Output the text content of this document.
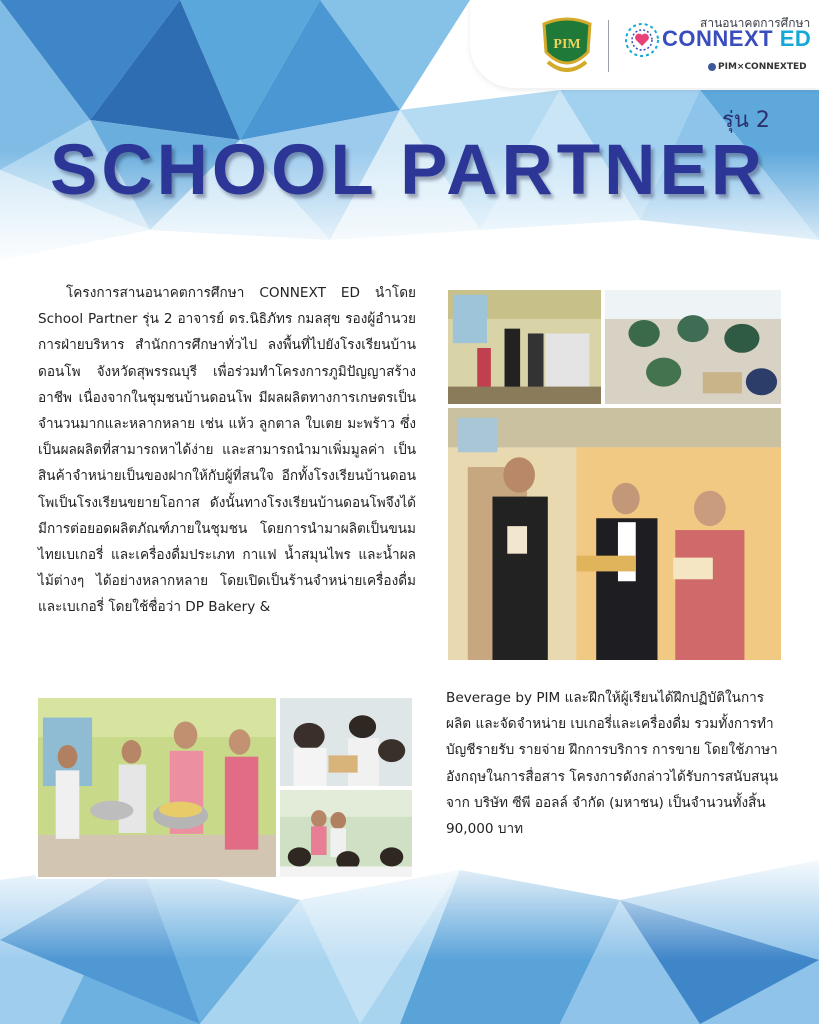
PIM
สานอนาคตการศึกษา
CONNEXT ED
PIM×CONNEXTED
รุ่น 2
SCHOOL PARTNER
โครงการสานอนาคตการศึกษา CONNEXT ED นำโดย School Partner รุ่น 2 อาจารย์ ดร.นิธิภัทร กมลสุข รองผู้อำนวยการฝ่ายบริหาร สำนักการศึกษาทั่วไป ลงพื้นที่ไปยังโรงเรียนบ้านดอนโพ จังหวัดสุพรรณบุรี เพื่อร่วมทำโครงการภูมิปัญญาสร้างอาชีพ เนื่องจากในชุมชนบ้านดอนโพ มีผลผลิตทางการเกษตรเป็นจำนวนมากและหลากหลาย เช่น แห้ว ลูกตาล ใบเตย มะพร้าว ซึ่งเป็นผลผลิตที่สามารถหาได้ง่าย และสามารถนำมาเพิ่มมูลค่า เป็นสินค้าจำหน่ายเป็นของฝากให้กับผู้ที่สนใจ อีกทั้งโรงเรียนบ้านดอนโพเป็นโรงเรียนขยายโอกาส ดังนั้นทางโรงเรียนบ้านดอนโพจึงได้มีการต่อยอดผลิตภัณฑ์ภายในชุมชน โดยการนำมาผลิตเป็นขนมไทยเบเกอรี่ และเครื่องดื่มประเภท กาแฟ น้ำสมุนไพร และน้ำผลไม้ต่างๆ ได้อย่างหลากหลาย โดยเปิดเป็นร้านจำหน่ายเครื่องดื่มและเบเกอรี่ โดยใช้ชื่อว่า DP Bakery &
Beverage by PIM และฝึกให้ผู้เรียนได้ฝึกปฏิบัติในการผลิต และจัดจำหน่าย เบเกอรี่และเครื่องดื่ม รวมทั้งการทำบัญชีรายรับ รายจ่าย ฝึกการบริการ การขาย โดยใช้ภาษาอังกฤษในการสื่อสาร โครงการดังกล่าวได้รับการสนับสนุนจาก บริษัท ซีพี ออลล์ จำกัด (มหาชน) เป็นจำนวนทั้งสิ้น 90,000 บาท
